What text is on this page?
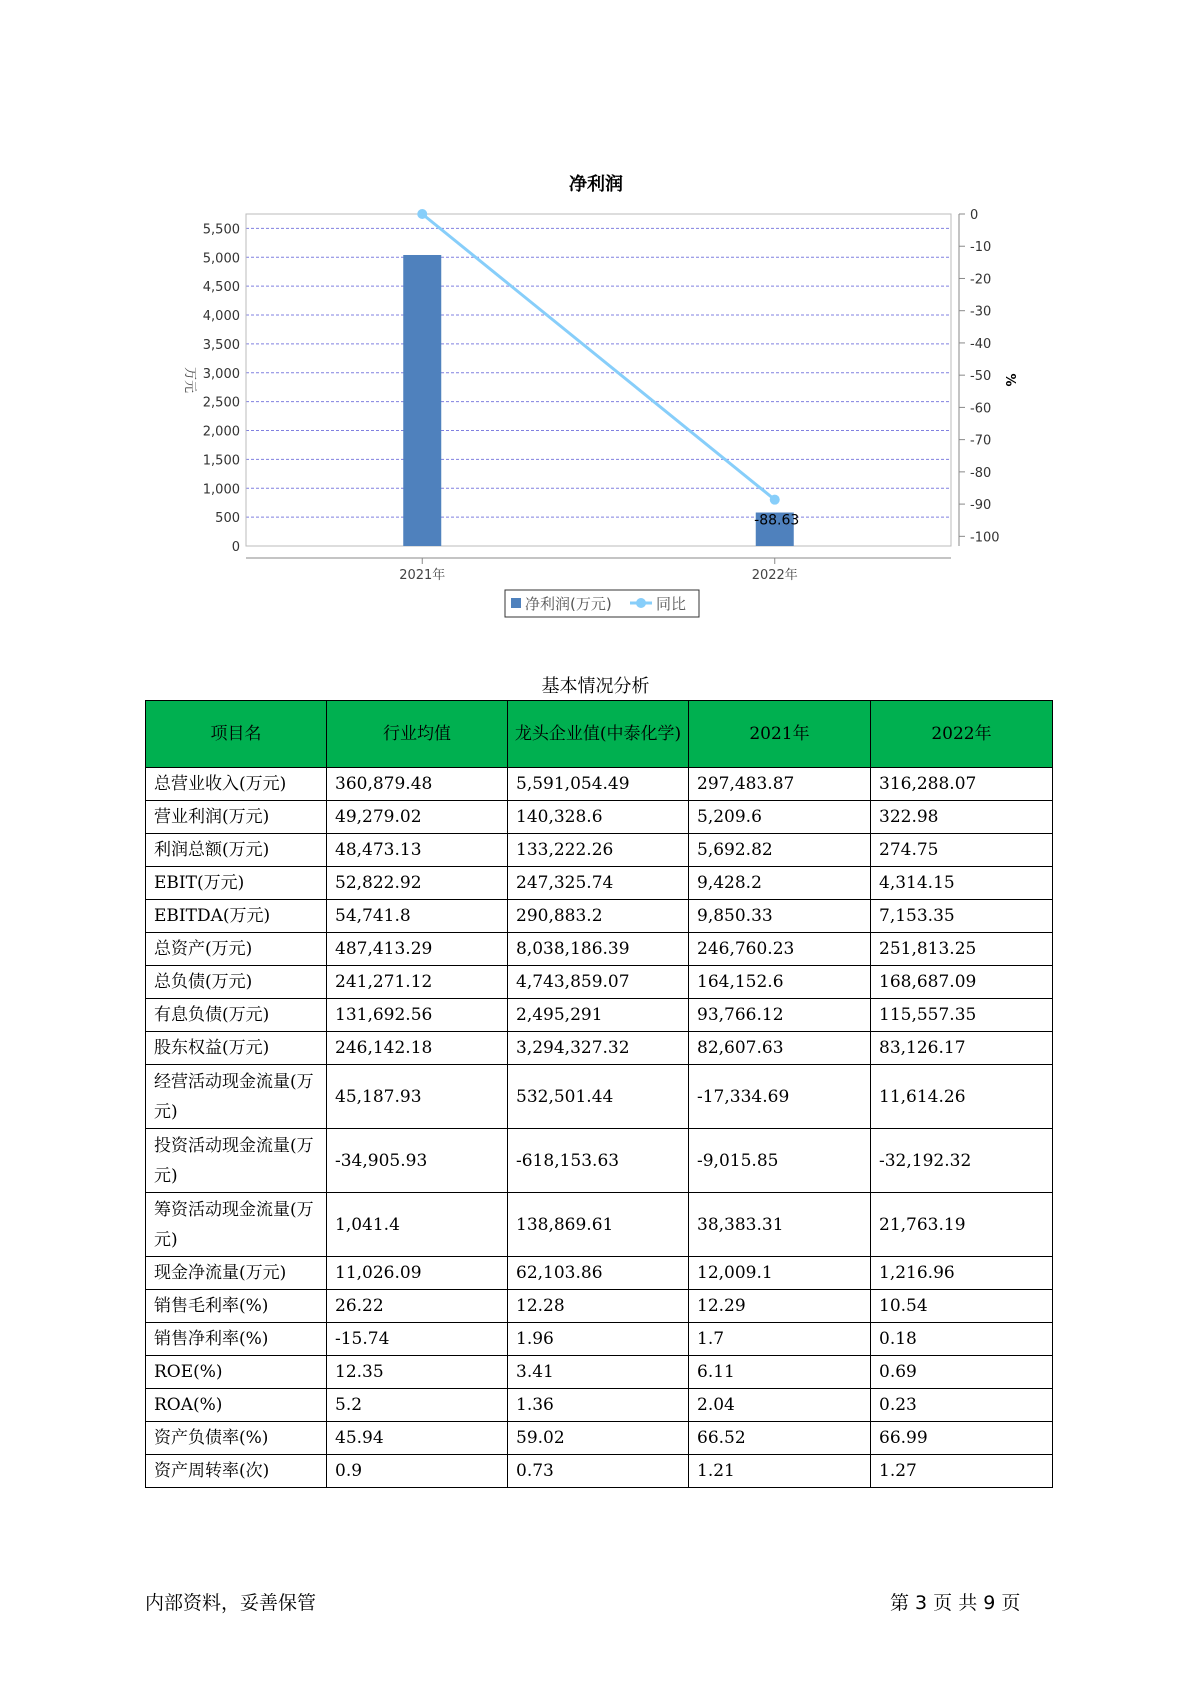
净利润
0
500
1,000
1,500
2,000
2,500
3,000
3,500
4,000
4,500
5,000
5,500
0
-10
-20
-30
-40
-50
-60
-70
-80
-90
-100
2021年	2022年
-88.63
万元	%
净利润(万元)	同比
基本情况分析
项目名	行业均值	龙头企业值(中泰化学)	2021年	2022年
总营业收入(万元)	360,879.48	5,591,054.49	297,483.87	316,288.07
营业利润(万元)	49,279.02	140,328.6	5,209.6	322.98
利润总额(万元)	48,473.13	133,222.26	5,692.82	274.75
EBIT(万元)	52,822.92	247,325.74	9,428.2	4,314.15
EBITDA(万元)	54,741.8	290,883.2	9,850.33	7,153.35
总资产(万元)	487,413.29	8,038,186.39	246,760.23	251,813.25
总负债(万元)	241,271.12	4,743,859.07	164,152.6	168,687.09
有息负债(万元)	131,692.56	2,495,291	93,766.12	115,557.35
股东权益(万元)	246,142.18	3,294,327.32	82,607.63	83,126.17
经营活动现金流量(万元)	45,187.93	532,501.44	-17,334.69	11,614.26
投资活动现金流量(万元)	-34,905.93	-618,153.63	-9,015.85	-32,192.32
筹资活动现金流量(万元)	1,041.4	138,869.61	38,383.31	21,763.19
现金净流量(万元)	11,026.09	62,103.86	12,009.1	1,216.96
销售毛利率(%)	26.22	12.28	12.29	10.54
销售净利率(%)	-15.74	1.96	1.7	0.18
ROE(%)	12.35	3.41	6.11	0.69
ROA(%)	5.2	1.36	2.04	0.23
资产负债率(%)	45.94	59.02	66.52	66.99
资产周转率(次)	0.9	0.73	1.21	1.27
内部资料，妥善保管	第 3 页 共 9 页
